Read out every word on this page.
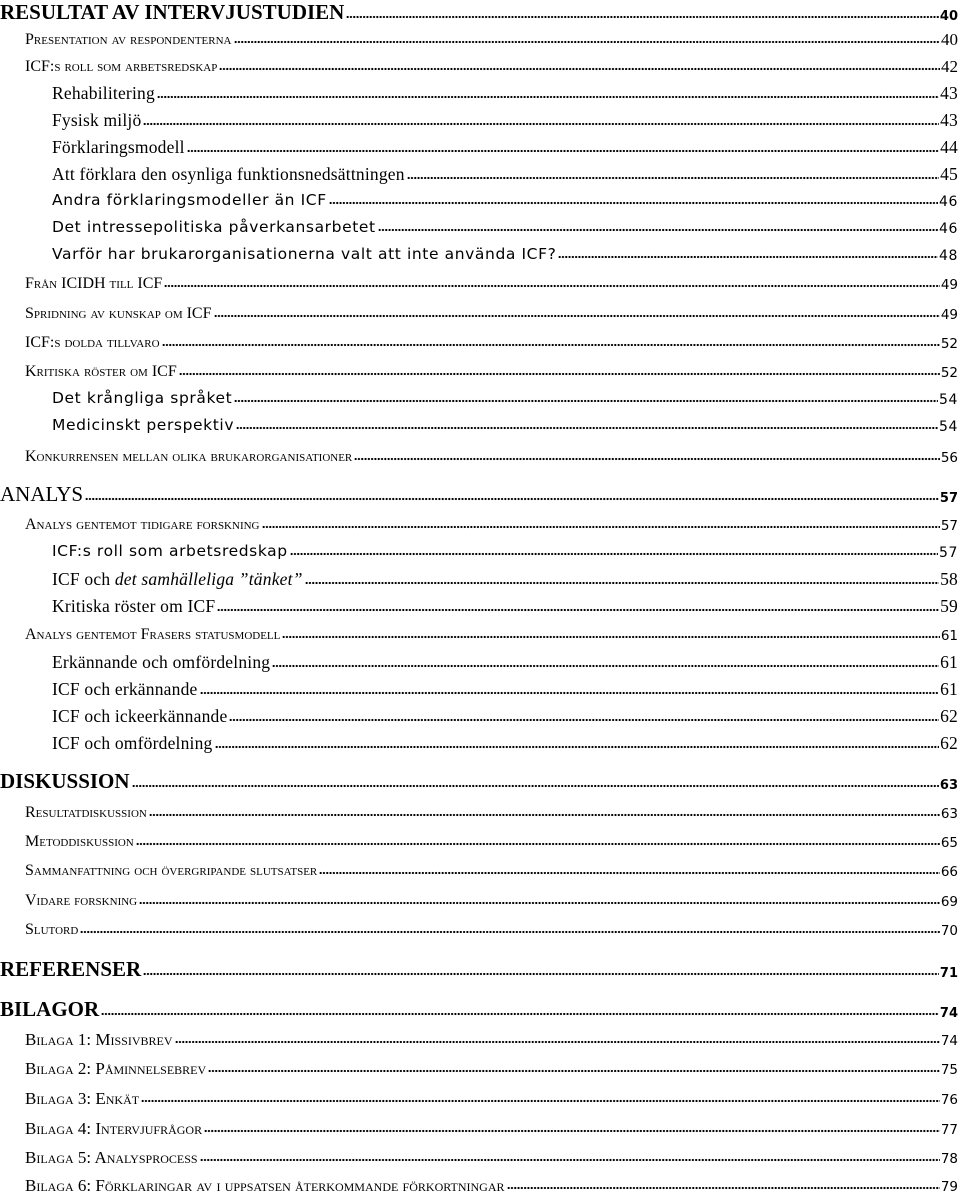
RESULTAT AV INTERVJUSTUDIEN	40
Presentation av respondenterna	40
ICF:s roll som arbetsredskap	42
Rehabilitering	43
Fysisk miljö	43
Förklaringsmodell	44
Att förklara den osynliga funktionsnedsättningen	45
Andra förklaringsmodeller än ICF	46
Det intressepolitiska påverkansarbetet	46
Varför har brukarorganisationerna valt att inte använda ICF?	48
Från ICIDH till ICF	49
Spridning av kunskap om ICF	49
ICF:s dolda tillvaro	52
Kritiska röster om ICF	52
Det krångliga språket	54
Medicinskt perspektiv	54
Konkurrensen mellan olika brukarorganisationer	56
ANALYS	57
Analys gentemot tidigare forskning	57
ICF:s roll som arbetsredskap	57
ICF och det samhälleliga ”tänket”	58
Kritiska röster om ICF	59
Analys gentemot Frasers statusmodell	61
Erkännande och omfördelning	61
ICF och erkännande	61
ICF och ickeerkännande	62
ICF och omfördelning	62
DISKUSSION	63
Resultatdiskussion	63
Metoddiskussion	65
Sammanfattning och övergripande slutsatser	66
Vidare forskning	69
Slutord	70
REFERENSER	71
BILAGOR	74
Bilaga 1: Missivbrev	74
Bilaga 2: Påminnelsebrev	75
Bilaga 3: Enkät	76
Bilaga 4: Intervjufrågor	77
Bilaga 5: Analysprocess	78
Bilaga 6: Förklaringar av i uppsatsen återkommande förkortningar	79
